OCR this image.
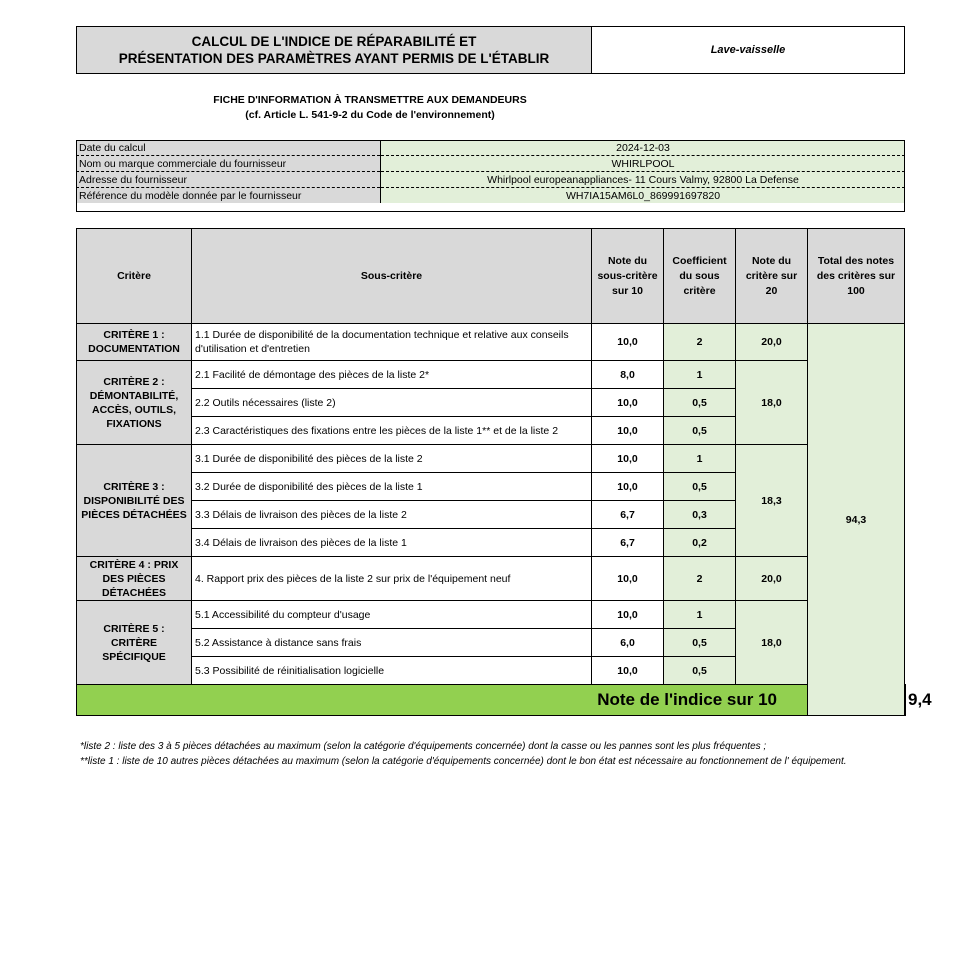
CALCUL DE L'INDICE DE RÉPARABILITÉ ET
PRÉSENTATION DES PARAMÈTRES AYANT PERMIS DE L'ÉTABLIR
Lave-vaisselle
FICHE D'INFORMATION À TRANSMETTRE AUX DEMANDEURS
(cf. Article L. 541-9-2 du Code de l'environnement)
Date du calcul	2024-12-03
Nom ou marque commerciale du fournisseur	WHIRLPOOL
Adresse du fournisseur	Whirlpool europeanappliances- 11 Cours Valmy, 92800 La Defense
Référence du modèle donnée par le fournisseur	WH7IA15AM6L0_869991697820
Critère	Sous-critère	Note du sous-critère sur 10	Coefficient du sous critère	Note du critère sur 20	Total des notes des critères sur 100	
CRITÈRE 1 : DOCUMENTATION	1.1 Durée de disponibilité de la documentation technique et relative aux conseils d'utilisation et d'entretien	10,0	2	20,0	94,3	
CRITÈRE 2 : DÉMONTABILITÉ, ACCÈS, OUTILS, FIXATIONS	2.1 Facilité de démontage des pièces de la liste 2*	8,0	1	18,0		
	2.2 Outils nécessaires (liste 2)	10,0	0,5			
	2.3 Caractéristiques des fixations entre les pièces de la liste 1** et de la liste 2	10,0	0,5			
CRITÈRE 3 : DISPONIBILITÉ DES PIÈCES DÉTACHÉES	3.1 Durée de disponibilité des pièces de la liste 2	10,0	1	18,3		
	3.2 Durée de disponibilité des pièces de la liste 1	10,0	0,5			
	3.3 Délais de livraison des pièces de la liste 2	6,7	0,3			
	3.4 Délais de livraison des pièces de la liste 1	6,7	0,2			
CRITÈRE 4 : PRIX DES PIÈCES DÉTACHÉES	4. Rapport prix des pièces de la liste 2 sur prix de l'équipement neuf	10,0	2	20,0		
CRITÈRE 5 : CRITÈRE SPÉCIFIQUE	5.1 Accessibilité du compteur d'usage	10,0	1	18,0		
	5.2 Assistance à distance sans frais	6,0	0,5			
	5.3 Possibilité de réinitialisation logicielle	10,0	0,5			
Note de l'indice sur 10						9,4
*liste 2 : liste des 3 à 5 pièces détachées au maximum (selon la catégorie d'équipements concernée) dont la casse ou les pannes sont les plus fréquentes ;
**liste 1 : liste de 10 autres pièces détachées au maximum (selon la catégorie d'équipements concernée) dont le bon état est nécessaire au fonctionnement de l' équipement.
